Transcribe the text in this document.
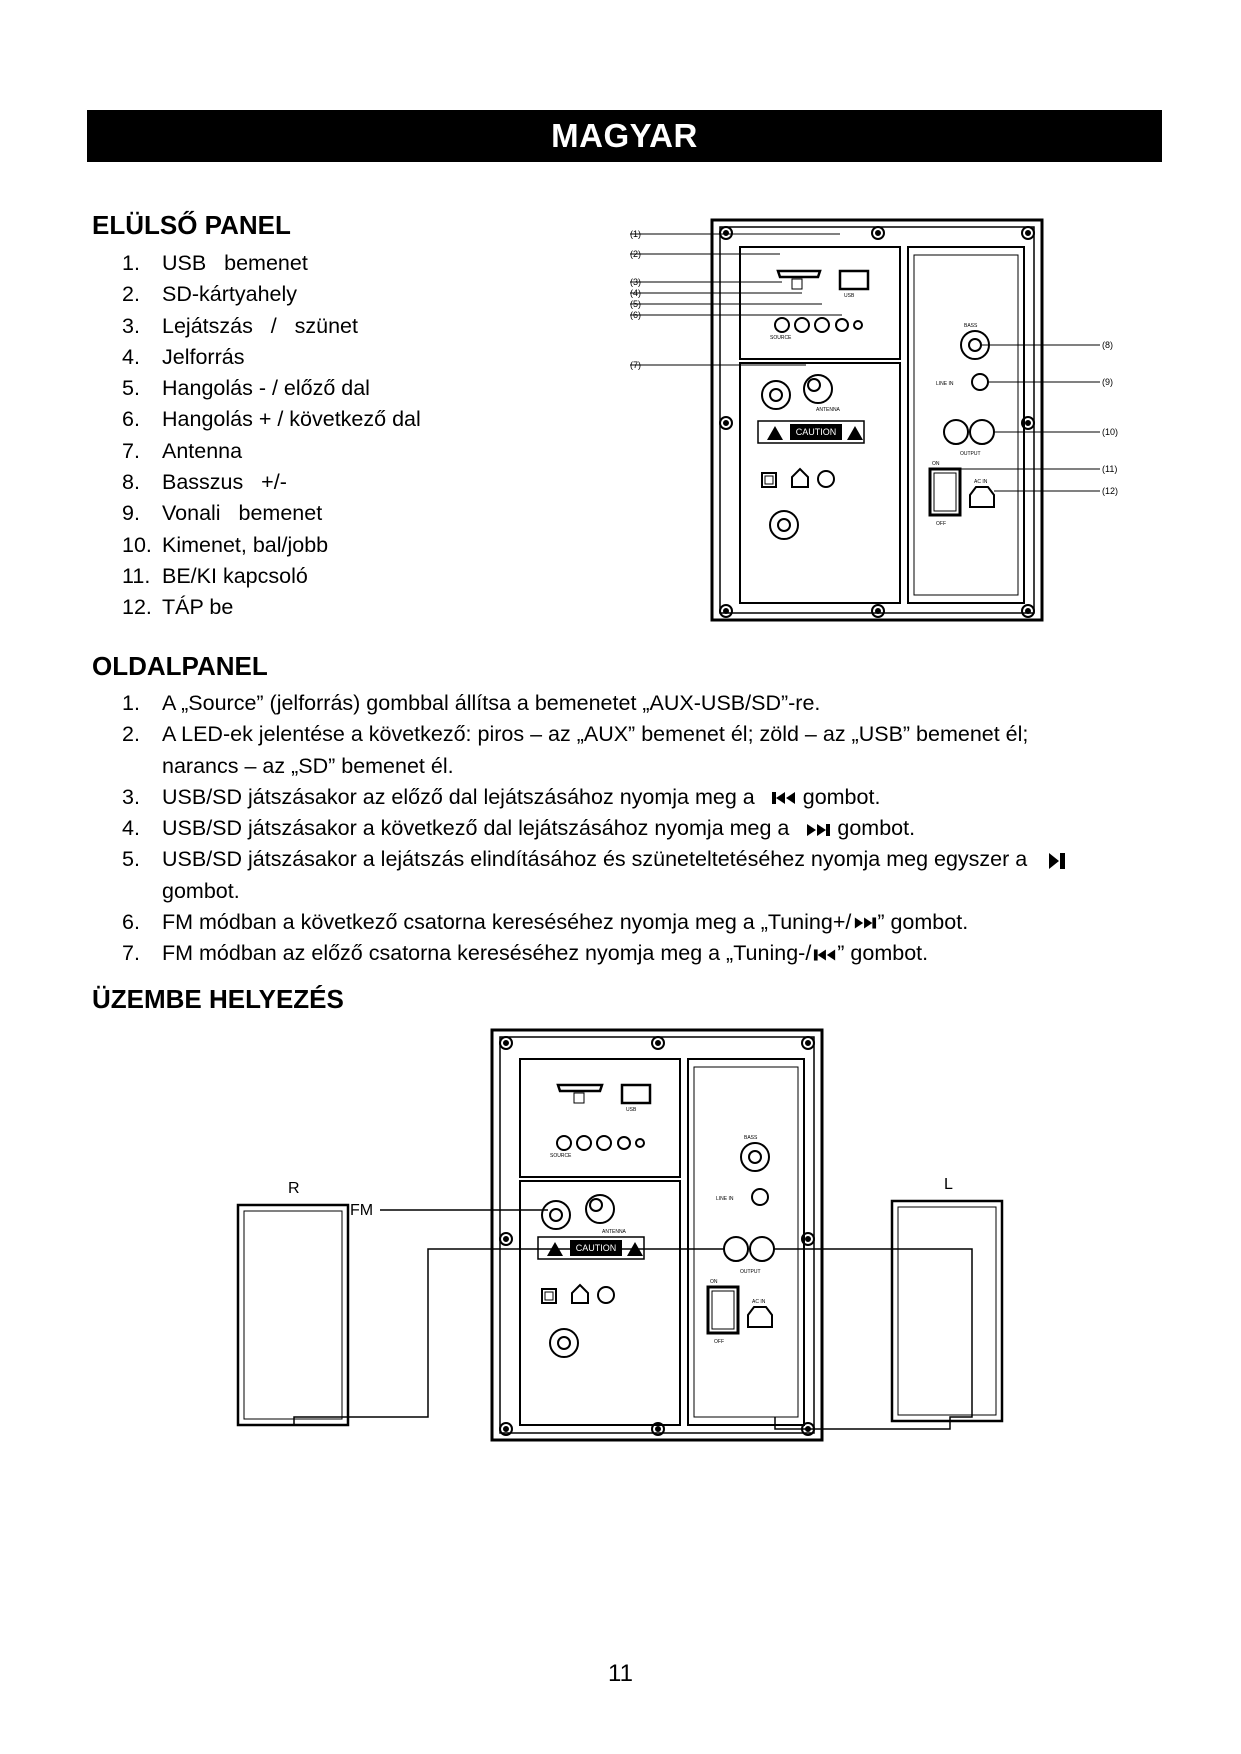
MAGYAR
ELÜLSŐ PANEL
1.	USB   bemenet
2.	SD-kártyahely
3.	Lejátszás   /   szünet
4.	Jelforrás
5.	Hangolás - / előző dal
6.	Hangolás + / következő dal
7.	Antenna
8.	Basszus   +/-
9.	Vonali   bemenet
10. Kimenet, bal/jobb
11. BE/KI kapcsoló
12. TÁP be
CAUTION
USB
SOURCE
ANTENNA
BASS
LINE IN
OUTPUT
ON
OFF
AC IN
(1)
(2)
(3)
(4)
(5)
(6)
(7)
(8)
(9)
(10)
(11)
(12)
OLDALPANEL
1.	A „Source” (jelforrás) gombbal állítsa a bemenetet „AUX-USB/SD”-re.
2.	A LED-ek jelentése a következő: piros – az „AUX” bemenet él; zöld – az „USB” bemenet él; narancs – az „SD” bemenet él.
3.	USB/SD játszásakor az előző dal lejátszásához nyomja meg a gombot.
4.	USB/SD játszásakor a következő dal lejátszásához nyomja meg a gombot.
5.	USB/SD játszásakor a lejátszás elindításához és szüneteltetéséhez nyomja meg egyszer a
gombot.
6.	FM módban a következő csatorna kereséséhez nyomja meg a „Tuning+/ ” gombot.
7.	FM módban az előző csatorna kereséséhez nyomja meg a „Tuning-/ ” gombot.
ÜZEMBE HELYEZÉS
CAUTION
USB
SOURCE
ANTENNA
BASS
LINE IN
OUTPUT
ON
OFF
AC IN
R	L
FM
11
